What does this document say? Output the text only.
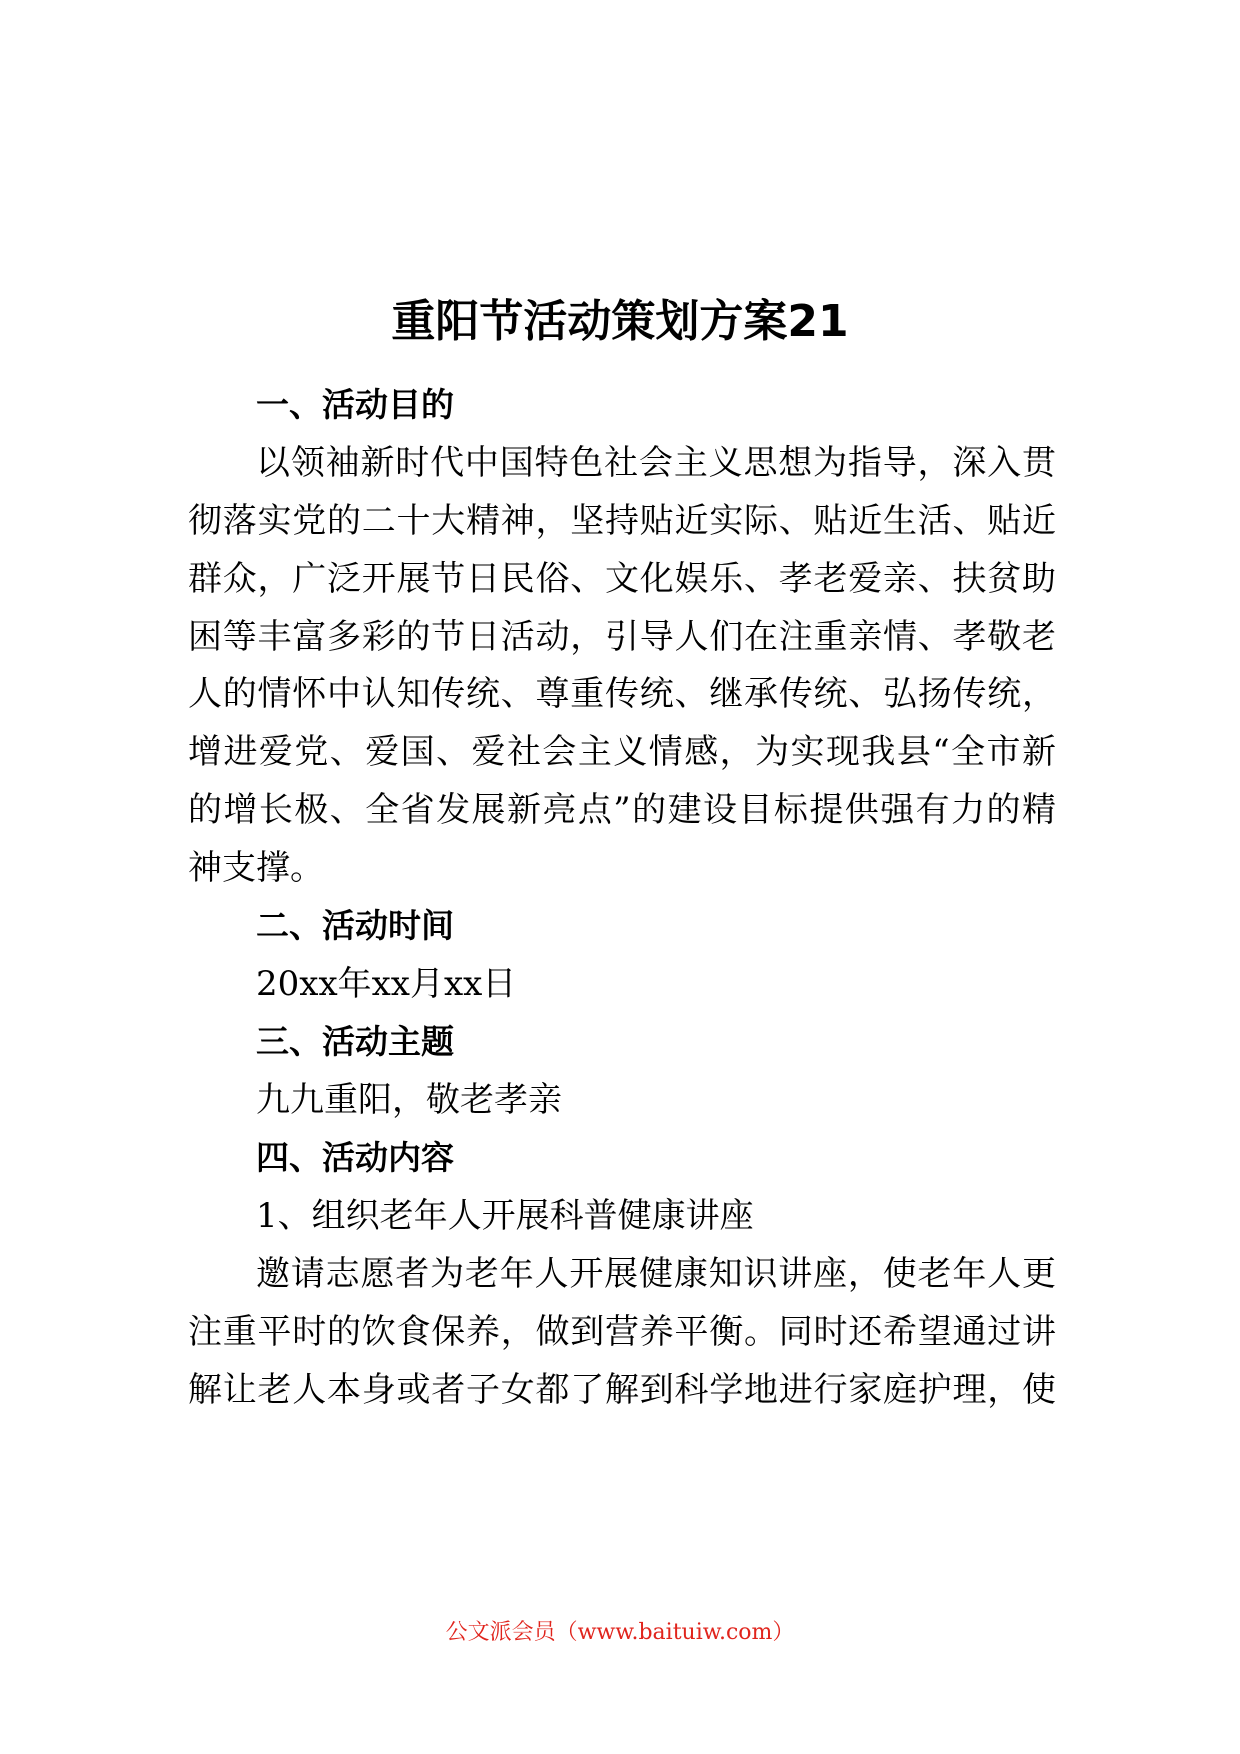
重阳节活动策划方案21
一、活动目的
以领袖新时代中国特色社会主义思想为指导，深入贯
彻落实党的二十大精神，坚持贴近实际、贴近生活、贴近
群众，广泛开展节日民俗、文化娱乐、孝老爱亲、扶贫助
困等丰富多彩的节日活动，引导人们在注重亲情、孝敬老
人的情怀中认知传统、尊重传统、继承传统、弘扬传统，
增进爱党、爱国、爱社会主义情感，为实现我县“全市新
的增长极、全省发展新亮点”的建设目标提供强有力的精
神支撑。
二、活动时间
20xx年xx月xx日
三、活动主题
九九重阳，敬老孝亲
四、活动内容
1、组织老年人开展科普健康讲座
邀请志愿者为老年人开展健康知识讲座，使老年人更
注重平时的饮食保养，做到营养平衡。同时还希望通过讲
解让老人本身或者子女都了解到科学地进行家庭护理，使
公文派会员（www.baituiw.com）
